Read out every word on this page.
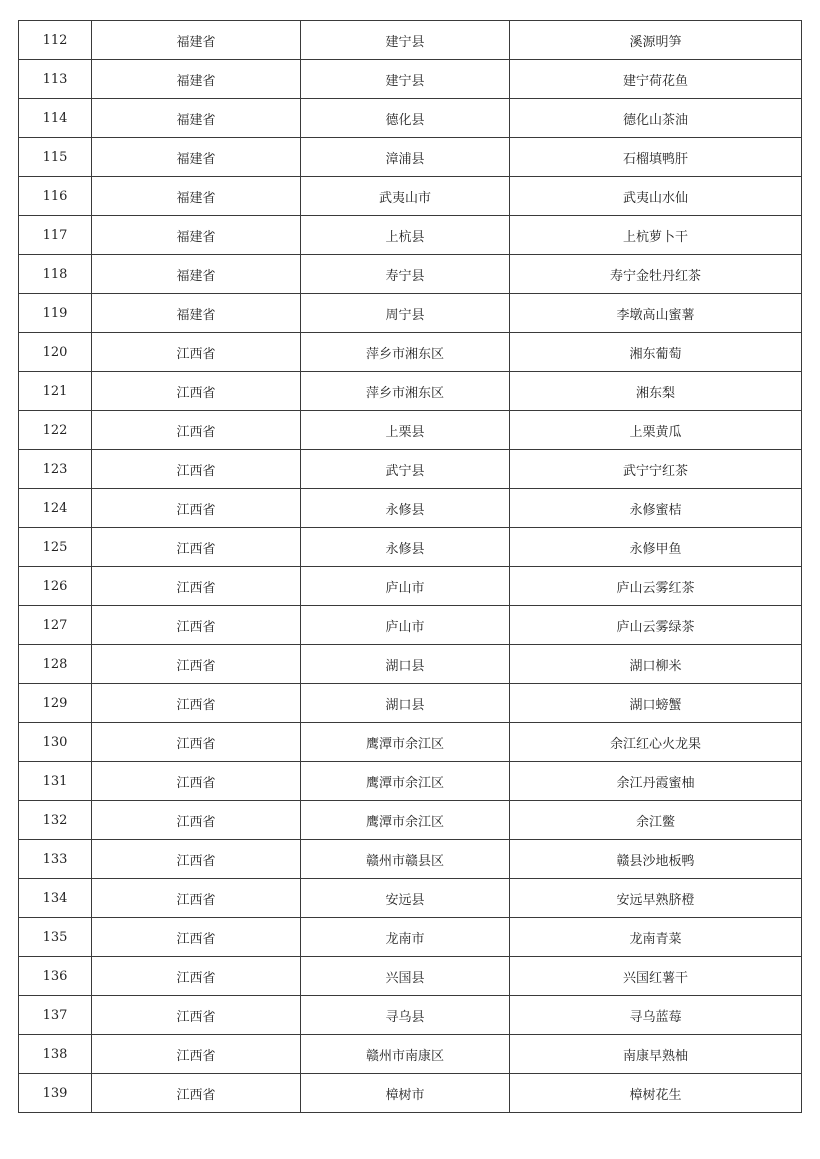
112	福建省	建宁县	溪源明笋
113	福建省	建宁县	建宁荷花鱼
114	福建省	德化县	德化山茶油
115	福建省	漳浦县	石榴填鸭肝
116	福建省	武夷山市	武夷山水仙
117	福建省	上杭县	上杭萝卜干
118	福建省	寿宁县	寿宁金牡丹红茶
119	福建省	周宁县	李墩高山蜜薯
120	江西省	萍乡市湘东区	湘东葡萄
121	江西省	萍乡市湘东区	湘东梨
122	江西省	上栗县	上栗黄瓜
123	江西省	武宁县	武宁宁红茶
124	江西省	永修县	永修蜜桔
125	江西省	永修县	永修甲鱼
126	江西省	庐山市	庐山云雾红茶
127	江西省	庐山市	庐山云雾绿茶
128	江西省	湖口县	湖口柳米
129	江西省	湖口县	湖口螃蟹
130	江西省	鹰潭市余江区	余江红心火龙果
131	江西省	鹰潭市余江区	余江丹霞蜜柚
132	江西省	鹰潭市余江区	余江鳖
133	江西省	赣州市赣县区	赣县沙地板鸭
134	江西省	安远县	安远早熟脐橙
135	江西省	龙南市	龙南青菜
136	江西省	兴国县	兴国红薯干
137	江西省	寻乌县	寻乌蓝莓
138	江西省	赣州市南康区	南康早熟柚
139	江西省	樟树市	樟树花生
